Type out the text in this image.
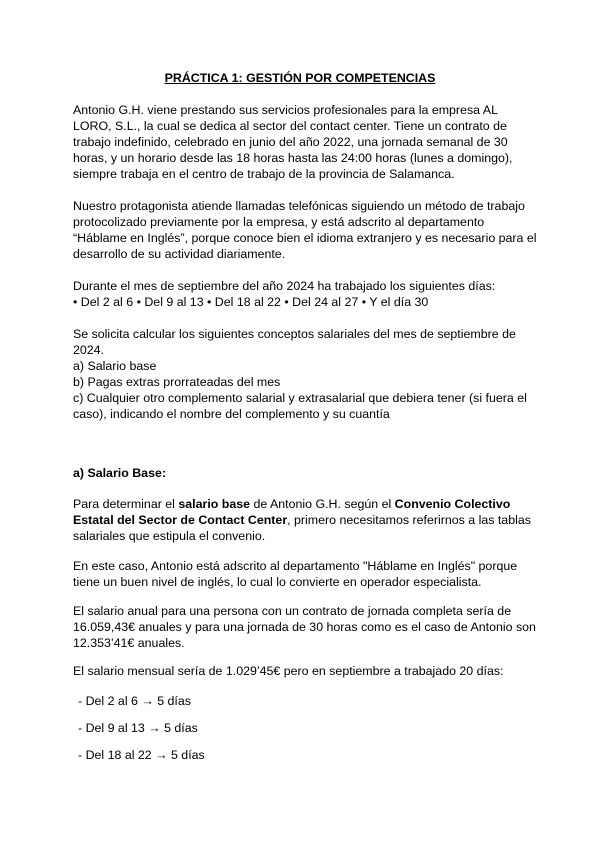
PRÁCTICA 1: GESTIÓN POR COMPETENCIAS

Antonio G.H. viene prestando sus servicios profesionales para la empresa AL

LORO, S.L., la cual se dedica al sector del contact center. Tiene un contrato de

trabajo indefinido, celebrado en junio del año 2022, una jornada semanal de 30

horas, y un horario desde las 18 horas hasta las 24:00 horas (lunes a domingo),

siempre trabaja en el centro de trabajo de la provincia de Salamanca.

Nuestro protagonista atiende llamadas telefónicas siguiendo un método de trabajo

protocolizado previamente por la empresa, y está adscrito al departamento

“Háblame en Inglés”, porque conoce bien el idioma extranjero y es necesario para el

desarrollo de su actividad diariamente.

Durante el mes de septiembre del año 2024 ha trabajado los siguientes días:

• Del 2 al 6 • Del 9 al 13 • Del 18 al 22 • Del 24 al 27 • Y el día 30

Se solicita calcular los siguientes conceptos salariales del mes de septiembre de

2024.

a) Salario base

b) Pagas extras prorrateadas del mes

c) Cualquier otro complemento salarial y extrasalarial que debiera tener (si fuera el

caso), indicando el nombre del complemento y su cuantía

a) Salario Base:

Para determinar el salario base de Antonio G.H. según el Convenio Colectivo

Estatal del Sector de Contact Center, primero necesitamos referirnos a las tablas

salariales que estipula el convenio.

En este caso, Antonio está adscrito al departamento "Háblame en Inglés" porque

tiene un buen nivel de inglés, lo cual lo convierte en operador especialista.

El salario anual para una persona con un contrato de jornada completa sería de

16.059,43€ anuales y para una jornada de 30 horas como es el caso de Antonio son

12.353’41€ anuales.

El salario mensual sería de 1.029’45€ pero en septiembre a trabajado 20 días:

- Del 2 al 6 → 5 días

- Del 9 al 13 → 5 días

- Del 18 al 22 → 5 días
